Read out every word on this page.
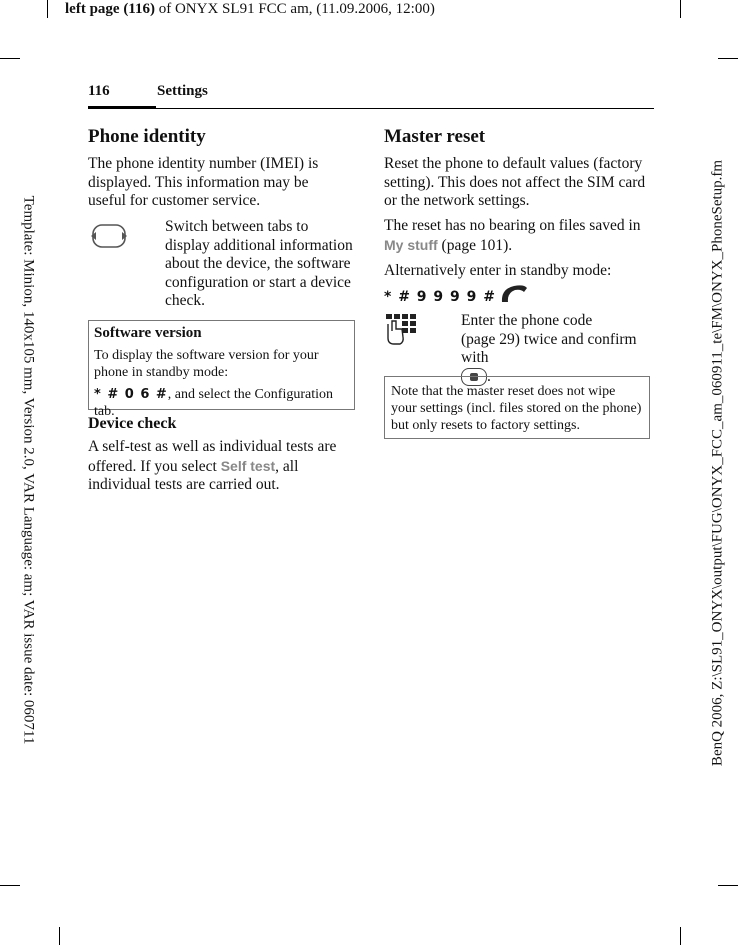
left page (116) of ONYX SL91 FCC am, (11.09.2006, 12:00)
Template: Minion, 140x105 mm, Version 2.0, VAR Language: am; VAR issue date: 060711	BenQ 2006, Z:\SL91_ONYX\output\FUG\ONYX_FCC_am_060911_te\FM\ONYX_PhoneSetup.fm
116	Settings
Phone identity
The phone identity number (IMEI) is displayed. This information may be useful for customer service.
Switch between tabs to display additional information about the device, the software configuration or start a device check.
Software version
To display the software version for your phone in standby mode:
* # 0 6 #, and select the Configuration tab.
Device check
A self-test as well as individual tests are offered. If you select Self test, all individual tests are carried out.
Master reset
Reset the phone to default values (factory setting). This does not affect the SIM card or the network settings.
The reset has no bearing on files saved in My stuff (page 101).
Alternatively enter in standby mode:
* # 9 9 9 9 #
Enter the phone code
(page 29) twice and confirm with
.
Note that the master reset does not wipe your settings (incl. files stored on the phone) but only resets to factory settings.
